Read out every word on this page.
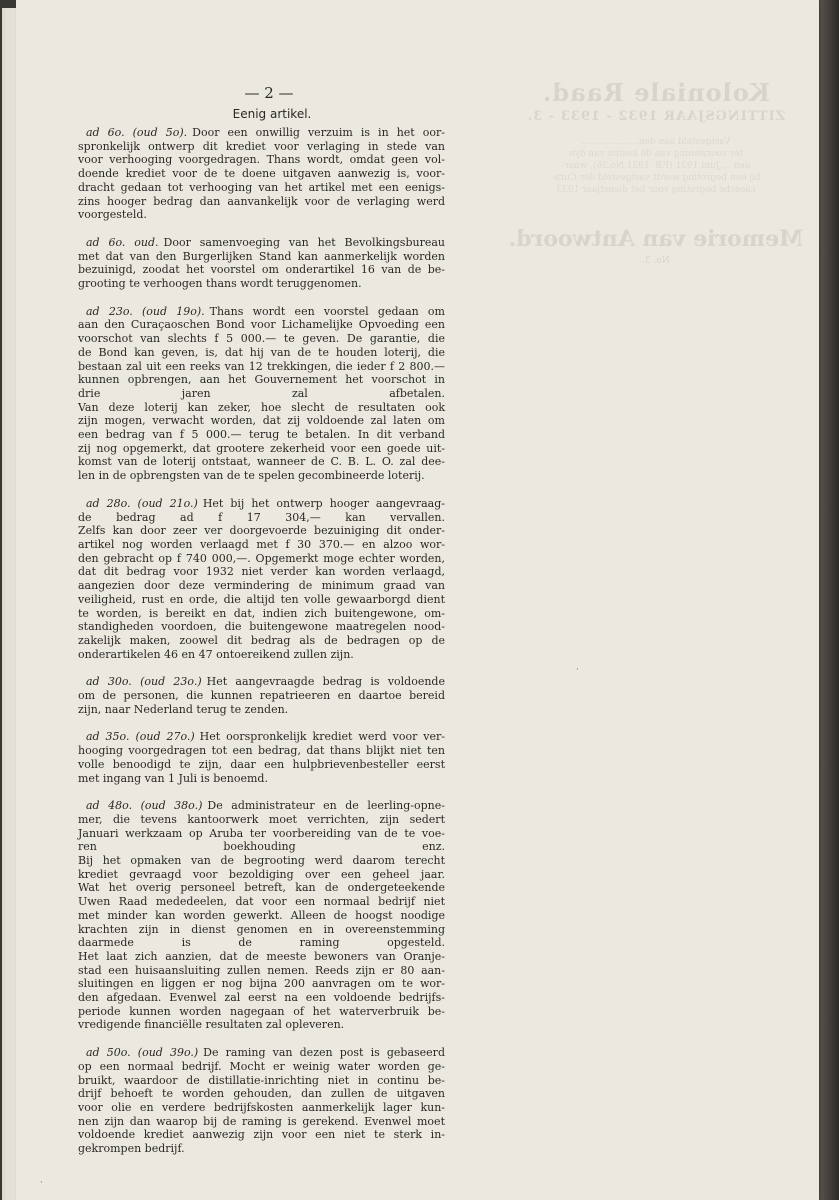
Koloniale Raad.
ZITTINGSJAAR 1932 - 1933 - 3.
Vastgesteld aan den....................
ter voorziening van de kosten van dyn
den ... Juni 1931 (P.B. 1931 No.36), waar-
bij een begroting wordt vastgesteld der Cura-
caosche begroting voor het dienstjaar 1933
Memorie van Antwoord.
No. 3.
— 2 —
Eenig artikel.
ad 6o. (oud 5o). Door een onwillig verzuim is in het oor-
spronkelijk ontwerp dit krediet voor verlaging in stede van
voor verhooging voorgedragen. Thans wordt, omdat geen vol-
doende krediet voor de te doene uitgaven aanwezig is, voor-
dracht gedaan tot verhooging van het artikel met een eenigs-
zins hooger bedrag dan aanvankelijk voor de verlaging werd
voorgesteld.
ad 6o. oud. Door samenvoeging van het Bevolkingsbureau
met dat van den Burgerlijken Stand kan aanmerkelijk worden
bezuinigd, zoodat het voorstel om onderartikel 16 van de be-
grooting te verhoogen thans wordt teruggenomen.
ad 23o. (oud 19o). Thans wordt een voorstel gedaan om
aan den Curaçaoschen Bond voor Lichamelijke Opvoeding een
voorschot van slechts f 5 000.— te geven. De garantie, die
de Bond kan geven, is, dat hij van de te houden loterij, die
bestaan zal uit een reeks van 12 trekkingen, die ieder f 2 800.—
kunnen opbrengen, aan het Gouvernement het voorschot in
drie jaren zal afbetalen.
Van deze loterij kan zeker, hoe slecht de resultaten ook
zijn mogen, verwacht worden, dat zij voldoende zal laten om
een bedrag van f 5 000.— terug te betalen. In dit verband
zij nog opgemerkt, dat grootere zekerheid voor een goede uit-
komst van de loterij ontstaat, wanneer de C. B. L. O. zal dee-
len in de opbrengsten van de te spelen gecombineerde loterij.
ad 28o. (oud 21o.) Het bij het ontwerp hooger aangevraag-
de bedrag ad f 17 304,— kan vervallen.
Zelfs kan door zeer ver doorgevoerde bezuiniging dit onder-
artikel nog worden verlaagd met f 30 370.— en alzoo wor-
den gebracht op f 740 000,—. Opgemerkt moge echter worden,
dat dit bedrag voor 1932 niet verder kan worden verlaagd,
aangezien door deze vermindering de minimum graad van
veiligheid, rust en orde, die altijd ten volle gewaarborgd dient
te worden, is bereikt en dat, indien zich buitengewone, om-
standigheden voordoen, die buitengewone maatregelen nood-
zakelijk maken, zoowel dit bedrag als de bedragen op de
onderartikelen 46 en 47 ontoereikend zullen zijn.
ad 30o. (oud 23o.) Het aangevraagde bedrag is voldoende
om de personen, die kunnen repatrieeren en daartoe bereid
zijn, naar Nederland terug te zenden.
ad 35o. (oud 27o.) Het oorspronkelijk krediet werd voor ver-
hooging voorgedragen tot een bedrag, dat thans blijkt niet ten
volle benoodigd te zijn, daar een hulpbrievenbesteller eerst
met ingang van 1 Juli is benoemd.
ad 48o. (oud 38o.) De administrateur en de leerling-opne-
mer, die tevens kantoorwerk moet verrichten, zijn sedert
Januari werkzaam op Aruba ter voorbereiding van de te voe-
ren boekhouding enz.
Bij het opmaken van de begrooting werd daarom terecht
krediet gevraagd voor bezoldiging over een geheel jaar.
Wat het overig personeel betreft, kan de ondergeteekende
Uwen Raad mededeelen, dat voor een normaal bedrijf niet
met minder kan worden gewerkt. Alleen de hoogst noodige
krachten zijn in dienst genomen en in overeenstemming
daarmede is de raming opgesteld.
Het laat zich aanzien, dat de meeste bewoners van Oranje-
stad een huisaansluiting zullen nemen. Reeds zijn er 80 aan-
sluitingen en liggen er nog bijna 200 aanvragen om te wor-
den afgedaan. Evenwel zal eerst na een voldoende bedrijfs-
periode kunnen worden nagegaan of het waterverbruik be-
vredigende financiëlle resultaten zal opleveren.
ad 50o. (oud 39o.) De raming van dezen post is gebaseerd
op een normaal bedrijf. Mocht er weinig water worden ge-
bruikt, waardoor de distillatie-inrichting niet in continu be-
drijf behoeft te worden gehouden, dan zullen de uitgaven
voor olie en verdere bedrijfskosten aanmerkelijk lager kun-
nen zijn dan waarop bij de raming is gerekend. Evenwel moet
voldoende krediet aanwezig zijn voor een niet te sterk in-
gekrompen bedrijf.
·
·
